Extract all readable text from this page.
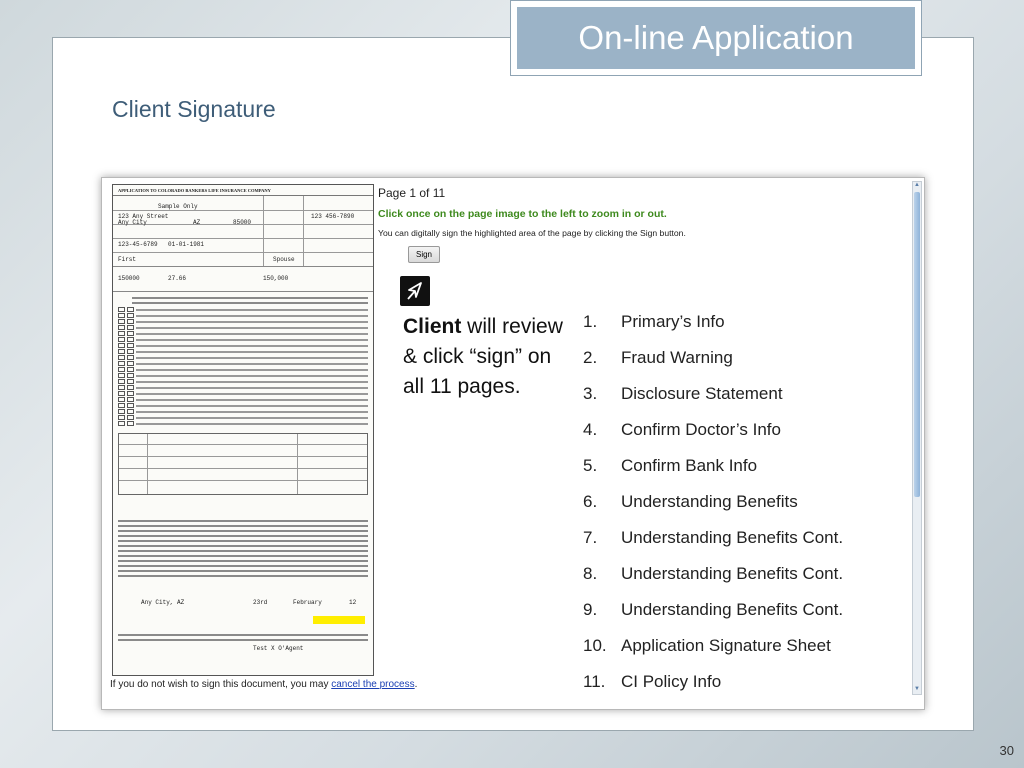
On-line Application
Client Signature
APPLICATION TO COLORADO BANKERS LIFE INSURANCE COMPANY
Sample Only
123 Any Street
Any City	AZ	85000
123-45-6789 01-01-1981
123 456-7890
First	Spouse
150000	27.66	150,000
Any City, AZ	23rd	February	12
Test X O'Agent
Page 1 of 11
Click once on the page image to the left to zoom in or out.
You can digitally sign the highlighted area of the page by clicking the Sign button.
Sign
If you do not wish to sign this document, you may cancel the process.
▲
▼
Client will review & click “sign” on all 11 pages.
1.	Primary’s Info
2.	Fraud Warning
3.	Disclosure Statement
4.	Confirm Doctor’s Info
5.	Confirm Bank Info
6.	Understanding Benefits
7.	Understanding Benefits Cont.
8.	Understanding Benefits Cont.
9.	Understanding Benefits Cont.
10. Application Signature Sheet
11. CI Policy Info
30
